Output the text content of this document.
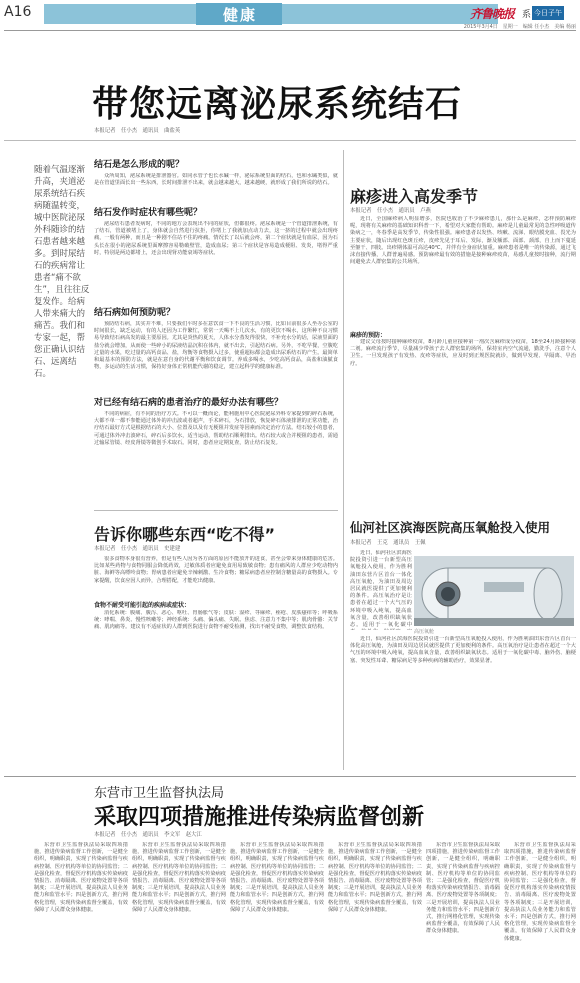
A16	健康	齐鲁晚报 系 今日子午
2015年3月4日　星期一　编辑 任小杰　美编 杨丽
带您远离泌尿系统结石
本报记者　任小杰　通讯员　曲盐英
随着气温逐渐升高，夹道泌尿系统结石疾病随温转变，城中医院泌尿外科随诊的结石患者越来越多。到时尿结石的疾病常让患者“痛不欲生”，且往往反复发作。给病人带来痛大的痛苦。我们和专家一起，帮您正确认识结石、远离结石。
结石是怎么形成的呢？

众所周知，泌尿系统是排泄器官。如同水管子也长水碱一样，泌尿系统里面的结石，也和水碱类似，就是在管道里面长出一些东西，长时间排泄不出来，就会越来越大，越来越硬，就形成了我们所说的结石。

结石发作时症状有哪些呢？

泌尿结石患者发病时，不同的地方会表现出不同的症状，但都很疼。泌尿系统是一个管道排泄系统，有了结石，管道被堵上了，身体就会自然进行抗拒，你堵上了我就加点动力去，这一挤的过程中就会出现疼痛，一般有两种，而且是一种剧不住站不住的疼痛。情况长了以后就会疼，第二个症状就是有血尿，因为石头长在很小的泌尿系统里面摩擦容易勒破壁管，造成血尿；第三个症状是容易造成梗阻、发炎，堵得严重时，特别是两边都堵上，还会出现肾功能衰竭等症状。

结石病如何预防呢？

预防结石病，其实并不难，只要我们平时多在意饮食一下不良的生活习惯，比如目前很多人坐办公室的时间很长，缺乏运动，有的人还因为工作繁忙，常常一天喝不上几次水，有的更饮不喝水，这所种不良习惯易导致结石病高发的最主要原因。尤其是炎热的夏天，人体水分蒸发得很快，不补充水分的话，尿液里面的盐分就会增加，从而使一些碎小的尿液结晶沉积在体内，就不出去，引起结石病。另外，不吃早餐，空腹吃过量的水果，吃过量的高钙食品、盐，均衡等食物摄入过多，使重超标都会造成出尿系结石的产生。最简单和最基本的预防方法，就是在意自身的代谢平衡和饮食调节。养成多喝水，少吃高钙食品，高盐和油腻食物，多运动的生活习惯，保持好身体正常机能代谢的稳定，建立起科学的健康标准。

对已经有结石病的患者治疗的最好办法有哪些？

不同的病症，有不同的治疗方式。不可以一概而论，能利施用中心医院泌尿外科专家提到的碎石系统，大都不单一都不参能通过体外的冲击波或者超声，手术碎石，为石排放，恢复碎石体液排泄的正常功能，治疗结石最好方式是根据结石的大小、位置及以及有无梗阻并发症等因素而决定治疗方法。结石较小的患者，可通过体外冲击波碎石，碎石后多饮水，适当运动，帮助结石顺利排出。结石较大或合并梗阻的患者，需通过输尿管镜、经皮肾镜等微创手术取石。同时，患者应定期复查，防止结石复发。

麻疹进入高发季节
本报记者　任小杰　通讯员　卢燕

近日，全国麻疹病人明显增多，医院也收治了不少麻疹患儿，那什么是麻疹，怎样预防麻疹呢，现将有关麻疹的基础知识科普一下，希望对大家能有帮助。麻疹是儿童最常见的急性呼吸道传染病之一，冬春季是高发季节，传染性很强。麻疹患者以发热、咳嗽、流涕、眼结膜充血、畏光为主要症状，随后出现红色斑丘疹，皮疹先见于耳后、发际，渐及额部、面部、颈部，自上而下蔓延至躯干、四肢。出疹期体温可高达40℃，并伴有全身症状加重。麻疹患者是唯一的传染源，通过飞沫直接传播，人群普遍易感。预防麻疹最有效的措施是接种麻疹疫苗，易感儿童按时接种，流行期间避免去人群密集的公共场所。

麻疹的预防：

建议父母按时接种麻疹疫苗，8月龄儿童应接种第一剂次含麻疹成分疫苗，18至24月龄接种第二剂。麻疹流行季节，尽量减少带孩子去人群密集的场所，保持室内空气流通，勤洗手，注意个人卫生。一旦发现孩子有发热、皮疹等症状，应及时到正规医院就诊，做到早发现、早隔离、早治疗。

仙河社区滨海医院高压氧舱投入使用
本报记者　王克　通讯员　王佩

近日，仙河社区滨海医院投资引进一台新型高压氧舱投入使用，作为胜利油田东营片区首台一体化高压氧舱，为油田及周边居民就医提供了更加便利的条件。高压氧治疗是让患者在超过一个大气压的环境中吸入纯氧，提高血氧含量，改善组织缺氧状态。适用于一氧化碳中

高压氧舱

近日，仙河社区滨海医院投资引进一台新型高压氧舱投入使用，作为胜利油田东营片区首台一体化高压氧舱，为油田及周边居民就医提供了更加便利的条件。高压氧治疗是让患者在超过一个大气压的环境中吸入纯氧，提高血氧含量，改善组织缺氧状态。适用于一氧化碳中毒、脑外伤、脑梗塞、突发性耳聋、糖尿病足等多种疾病的辅助治疗，效果显著。

告诉你哪些东西“吃不得”
本报记者　任小杰　通讯员　史建建

很多食物本身很有营养，但是有些人因为各方面的原因不能放开的进食，甚至会带来身体健康的危害。比如某些药物与食物同服会降低药效，过敏体质者应避免食用易致敏食物；患有痛风的人群应少吃动物内脏、海鲜等高嘌呤食物；胃病患者应避免辛辣刺激、生冷食物；糖尿病患者应控制含糖量高的食物摄入。专家提醒，饮食应因人而异，合理搭配，才能吃出健康。

食物不耐受可能引起的疾病或症状：

消化系统：腹痛、腹泻、恶心、呕吐、胃肠胀气等；皮肤：湿疹、荨麻疹、痤疮、皮肤瘙痒等；呼吸系统：哮喘、鼻炎、慢性咳嗽等；神经系统：头痛、偏头痛、失眠、焦虑、注意力不集中等；肌肉骨骼：关节痛、肌肉痛等。建议有不适症状的人群到医院进行食物不耐受检测，找出不耐受食物，调整饮食结构。

东营市卫生监督执法局
采取四项措施推进传染病监督创新
本报记者　任小杰　通讯员　李文军　赵大江

东营市卫生监督执法局采取四项措施，推进传染病监督工作创新，一是健全组织，明确职责，实现了传染病监督与疾病控制、医疗机构等单位的协同监管；二是强化检查，督促医疗机构落实传染病疫情报告、消毒隔离、医疗废物处置等各项制度；三是开展培训，提高执法人员业务能力和监管水平；四是创新方式，推行网格化管理，实现传染病监督全覆盖，有效保障了人民群众身体健康。

东营市卫生监督执法局采取四项措施，推进传染病监督工作创新，一是健全组织，明确职责，实现了传染病监督与疾病控制、医疗机构等单位的协同监管；二是强化检查，督促医疗机构落实传染病疫情报告、消毒隔离、医疗废物处置等各项制度；三是开展培训，提高执法人员业务能力和监管水平；四是创新方式，推行网格化管理，实现传染病监督全覆盖，有效保障了人民群众身体健康。

东营市卫生监督执法局采取四项措施，推进传染病监督工作创新，一是健全组织，明确职责，实现了传染病监督与疾病控制、医疗机构等单位的协同监管；二是强化检查，督促医疗机构落实传染病疫情报告、消毒隔离、医疗废物处置等各项制度；三是开展培训，提高执法人员业务能力和监管水平；四是创新方式，推行网格化管理，实现传染病监督全覆盖，有效保障了人民群众身体健康。

东营市卫生监督执法局采取四项措施，推进传染病监督工作创新，一是健全组织，明确职责，实现了传染病监督与疾病控制、医疗机构等单位的协同监管；二是强化检查，督促医疗机构落实传染病疫情报告、消毒隔离、医疗废物处置等各项制度；三是开展培训，提高执法人员业务能力和监管水平；四是创新方式，推行网格化管理，实现传染病监督全覆盖，有效保障了人民群众身体健康。

东营市卫生监督执法局采取四项措施，推进传染病监督工作创新，一是健全组织，明确职责，实现了传染病监督与疾病控制、医疗机构等单位的协同监管；二是强化检查，督促医疗机构落实传染病疫情报告、消毒隔离、医疗废物处置等各项制度；三是开展培训，提高执法人员业务能力和监管水平；四是创新方式，推行网格化管理，实现传染病监督全覆盖，有效保障了人民群众身体健康。

东营市卫生监督执法局采取四项措施，推进传染病监督工作创新，一是健全组织，明确职责，实现了传染病监督与疾病控制、医疗机构等单位的协同监管；二是强化检查，督促医疗机构落实传染病疫情报告、消毒隔离、医疗废物处置等各项制度；三是开展培训，提高执法人员业务能力和监管水平；四是创新方式，推行网格化管理，实现传染病监督全覆盖，有效保障了人民群众身体健康。
